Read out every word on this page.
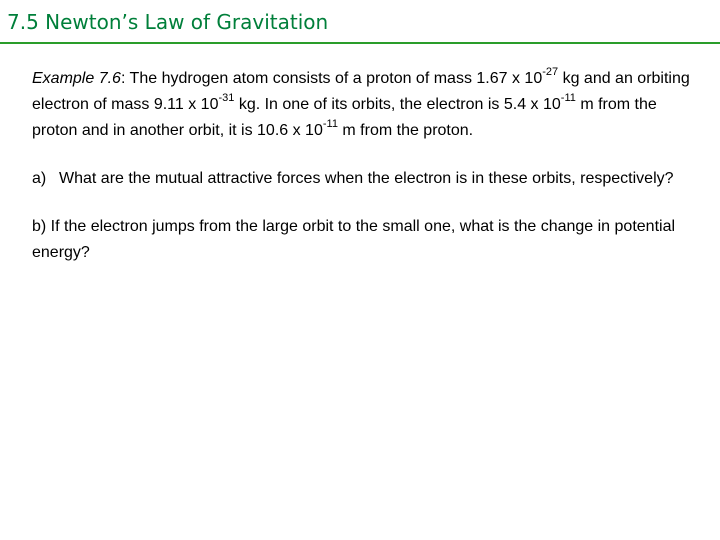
7.5 Newton’s Law of Gravitation

Example 7.6: The hydrogen atom consists of a proton of mass 1.67 x $10^{-27}$ kg and an orbiting electron of mass 9.11 x $10^{-31}$ kg. In one of its orbits, the electron is 5.4 x $10^{-11}$ m from the proton and in another orbit, it is 10.6 x $10^{-11}$ m from the proton.

a) What are the mutual attractive forces when the electron is in these orbits, respectively?

b) If the electron jumps from the large orbit to the small one, what is the change in potential energy?
